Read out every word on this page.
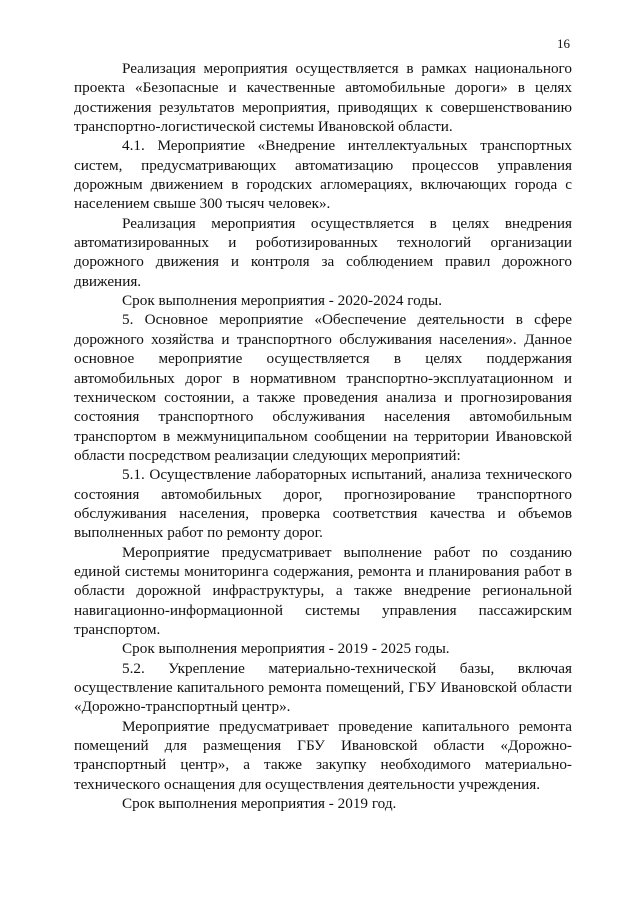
16

Реализация мероприятия осуществляется в рамках национального проекта «Безопасные и качественные автомобильные дороги» в целях достижения результатов мероприятия, приводящих к совершенствованию транспортно-логистической системы Ивановской области.

4.1. Мероприятие «Внедрение интеллектуальных транспортных систем, предусматривающих автоматизацию процессов управления дорожным движением в городских агломерациях, включающих города с населением свыше 300 тысяч человек».

Реализация мероприятия осуществляется в целях внедрения автоматизированных и роботизированных технологий организации дорожного движения и контроля за соблюдением правил дорожного движения.

Срок выполнения мероприятия - 2020-2024 годы.

5. Основное мероприятие «Обеспечение деятельности в сфере дорожного хозяйства и транспортного обслуживания населения». Данное основное мероприятие осуществляется в целях поддержания автомобильных дорог в нормативном транспортно-эксплуатационном и техническом состоянии, а также проведения анализа и прогнозирования состояния транспортного обслуживания населения автомобильным транспортом в межмуниципальном сообщении на территории Ивановской области посредством реализации следующих мероприятий:

5.1. Осуществление лабораторных испытаний, анализа технического состояния автомобильных дорог, прогнозирование транспортного обслуживания населения, проверка соответствия качества и объемов выполненных работ по ремонту дорог.

Мероприятие предусматривает выполнение работ по созданию единой системы мониторинга содержания, ремонта и планирования работ в области дорожной инфраструктуры, а также внедрение региональной навигационно-информационной системы управления пассажирским транспортом.

Срок выполнения мероприятия - 2019 - 2025 годы.

5.2. Укрепление материально-технической базы, включая осуществление капитального ремонта помещений, ГБУ Ивановской области «Дорожно-транспортный центр».

Мероприятие предусматривает проведение капитального ремонта помещений для размещения ГБУ Ивановской области «Дорожно-транспортный центр», а также закупку необходимого материально-технического оснащения для осуществления деятельности учреждения.

Срок выполнения мероприятия - 2019 год.
